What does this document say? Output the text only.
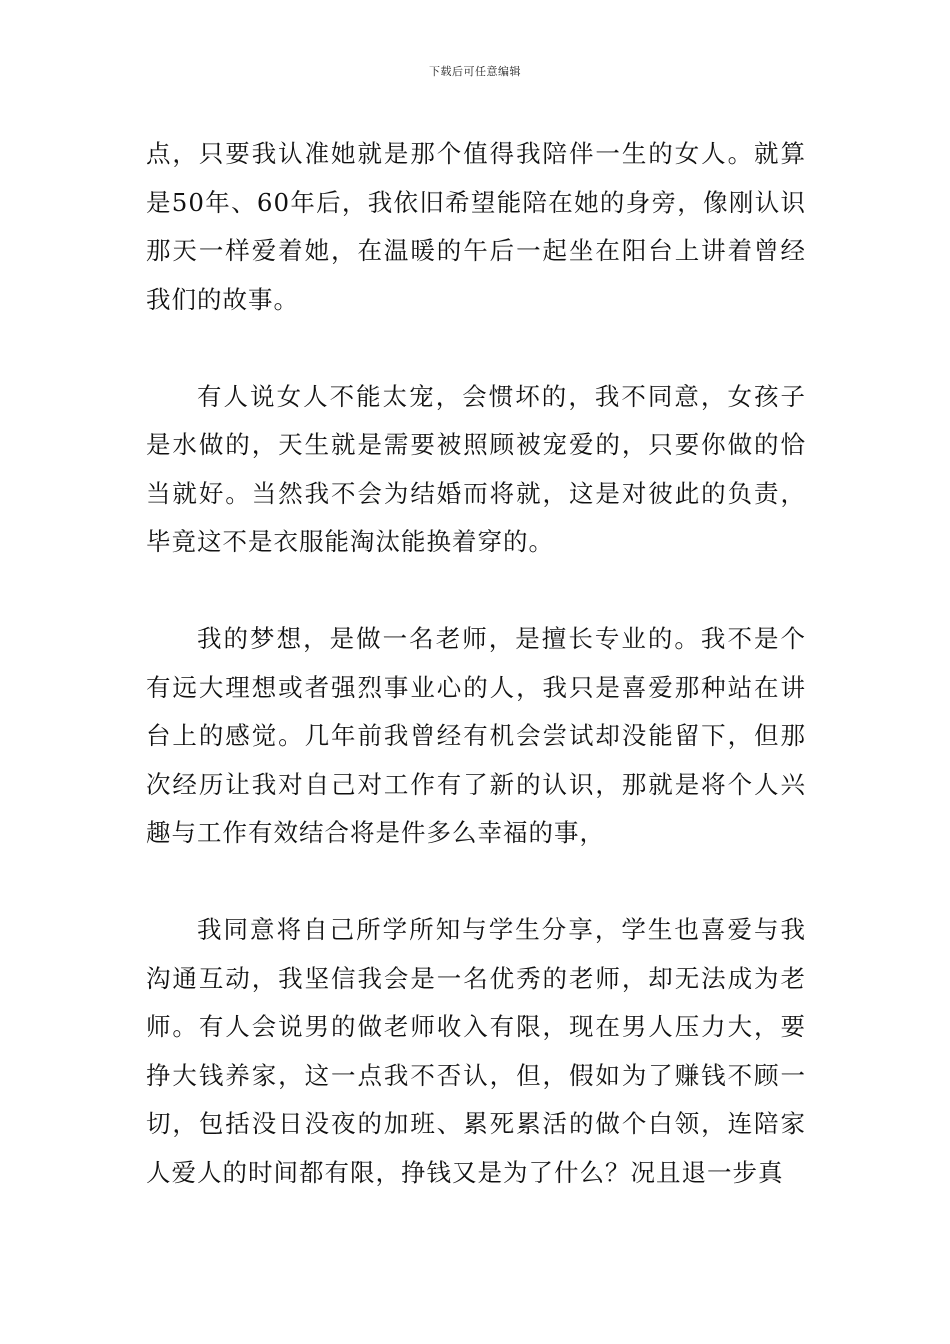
下载后可任意编辑

点，只要我认准她就是那个值得我陪伴一生的女人。就算是50年、60年后，我依旧希望能陪在她的身旁，像刚认识那天一样爱着她，在温暖的午后一起坐在阳台上讲着曾经我们的故事。

有人说女人不能太宠，会惯坏的，我不同意，女孩子是水做的，天生就是需要被照顾被宠爱的，只要你做的恰当就好。当然我不会为结婚而将就，这是对彼此的负责，毕竟这不是衣服能淘汰能换着穿的。

我的梦想，是做一名老师，是擅长专业的。我不是个有远大理想或者强烈事业心的人，我只是喜爱那种站在讲台上的感觉。几年前我曾经有机会尝试却没能留下，但那次经历让我对自己对工作有了新的认识，那就是将个人兴趣与工作有效结合将是件多么幸福的事，

我同意将自己所学所知与学生分享，学生也喜爱与我沟通互动，我坚信我会是一名优秀的老师，却无法成为老师。有人会说男的做老师收入有限，现在男人压力大，要挣大钱养家，这一点我不否认，但，假如为了赚钱不顾一切，包括没日没夜的加班、累死累活的做个白领，连陪家人爱人的时间都有限，挣钱又是为了什么？况且退一步真
